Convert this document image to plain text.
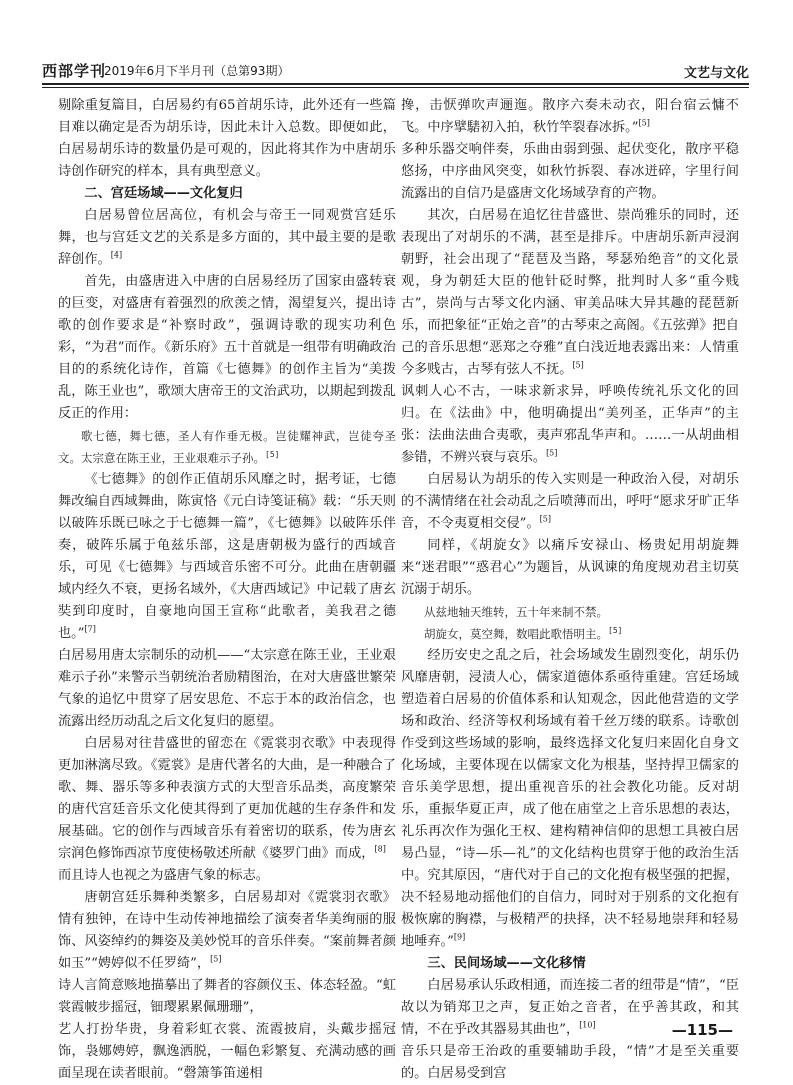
西部学刊
2019年6月下半月刊（总第93期）	文艺与文化
·

剔除重复篇目，白居易约有65首胡乐诗，此外还有一些篇目难以确定是否为胡乐诗，因此未计入总数。即便如此，白居易胡乐诗的数量仍是可观的，因此将其作为中唐胡乐诗创作研究的样本，具有典型意义。

二、宫廷场域——文化复归

白居易曾位居高位，有机会与帝王一同观赏宫廷乐舞，也与宫廷文艺的关系是多方面的，其中最主要的是歌辞创作。[4]

首先，由盛唐进入中唐的白居易经历了国家由盛转衰的巨变，对盛唐有着强烈的欣羡之情，渴望复兴，提出诗歌的创作要求是“补察时政”，强调诗歌的现实功利色彩，“为君”而作。《新乐府》五十首就是一组带有明确政治目的的系统化诗作，首篇《七德舞》的创作主旨为“美拨乱，陈王业也”，歌颂大唐帝王的文治武功，以期起到拨乱反正的作用：

歌七德，舞七德，圣人有作垂无极。岂徒耀神武，岂徒夸圣文。太宗意在陈王业，王业艰难示子孙。[5]

《七德舞》的创作正值胡乐风靡之时，据考证，七德舞改编自西域舞曲，陈寅恪《元白诗笺证稿》载：“乐天则以破阵乐既已咏之于七德舞一篇”，《七德舞》以破阵乐伴奏，破阵乐属于龟兹乐部，这是唐朝极为盛行的西域音乐，可见《七德舞》与西域音乐密不可分。此曲在唐朝疆域内经久不衰，更扬名域外，《大唐西域记》中记载了唐玄奘到印度时，自豪地向国王宣称“此歌者，美我君之德也。”[7]

白居易用唐太宗制乐的动机——“太宗意在陈王业，王业艰难示子孙”来警示当朝统治者励精图治，在对大唐盛世繁荣气象的追忆中贯穿了居安思危、不忘于本的政治信念，也流露出经历动乱之后文化复归的愿望。

白居易对往昔盛世的留恋在《霓裳羽衣歌》中表现得更加淋漓尽致。《霓裳》是唐代著名的大曲，是一种融合了歌、舞、器乐等多种表演方式的大型音乐品类，高度繁荣的唐代宫廷音乐文化使其得到了更加优越的生存条件和发展基础。它的创作与西域音乐有着密切的联系，传为唐玄宗润色修饰西凉节度使杨敬述所献《婆罗门曲》而成，[8]

而且诗人也视之为盛唐气象的标志。

唐朝宫廷乐舞种类繁多，白居易却对《霓裳羽衣歌》情有独钟，在诗中生动传神地描绘了演奏者华美绚丽的服饰、风姿绰约的舞姿及美妙悦耳的音乐伴奏。“案前舞者颜如玉”“娉婷似不任罗绮”，[5]

诗人言简意赅地描摹出了舞者的容颜仪玉、体态轻盈。“虹裳霞帔步摇冠，钿璎累累佩珊珊”，

艺人打扮华贵，身着彩虹衣裳、流霞披肩，头戴步摇冠饰，袅娜娉婷，飘逸洒脱，一幅色彩繁复、充满动感的画面呈现在读者眼前。“磬箫筝笛递相

搀，击恹弹吹声逦迤。散序六奏未动衣，阳台宿云慵不飞。中序擘騞初入拍，秋竹竿裂春冰拆。”[5]

多种乐器交响伴奏，乐曲由弱到强、起伏变化，散序平稳悠扬，中序曲风突变，如秋竹拆裂、春冰迸碎，字里行间流露出的自信乃是盛唐文化场域孕育的产物。

其次，白居易在追忆往昔盛世、崇尚雅乐的同时，还表现出了对胡乐的不满，甚至是排斥。中唐胡乐新声浸润朝野，社会出现了“琵琶及当路，琴瑟殆绝音”的文化景观，身为朝廷大臣的他针砭时弊，批判时人多“重今贱古”，崇尚与古琴文化内涵、审美品味大异其趣的琵琶新乐，而把象征“正始之音”的古琴束之高阁。《五弦弹》把自己的音乐思想“恶郑之夺雅”直白浅近地表露出来：人情重今多贱古，古琴有弦人不抚。[5]

讽刺人心不古，一味求新求异，呼唤传统礼乐文化的回归。在《法曲》中，他明确提出“美列圣，正华声”的主张：法曲法曲合夷歌，夷声邪乱华声和。……一从胡曲相参错，不辨兴衰与哀乐。[5]

白居易认为胡乐的传入实则是一种政治入侵，对胡乐的不满情绪在社会动乱之后喷薄而出，呼吁“愿求牙旷正华音，不令夷夏相交侵”。[5]

同样，《胡旋女》以痛斥安禄山、杨贵妃用胡旋舞来“迷君眼”“惑君心”为题旨，从讽谏的角度规劝君主切莫沉溺于胡乐。

从兹地轴天维转，五十年来制不禁。

胡旋女，莫空舞，数唱此歌悟明主。[5]

经历安史之乱之后，社会场域发生剧烈变化，胡乐仍风靡唐朝，浸渍人心，儒家道德体系亟待重建。宫廷场域塑造着白居易的价值体系和认知观念，因此他营造的文学场和政治、经济等权利场域有着千丝万缕的联系。诗歌创作受到这些场域的影响，最终选择文化复归来固化自身文化场域，主要体现在以儒家文化为根基，坚持捍卫儒家的音乐美学思想，提出重视音乐的社会教化功能。反对胡乐，重振华夏正声，成了他在庙堂之上音乐思想的表达，礼乐再次作为强化王权、建构精神信仰的思想工具被白居易凸显，“诗—乐—礼”的文化结构也贯穿于他的政治生活中。究其原因，“唐代对于自己的文化抱有极坚强的把握，决不轻易地动摇他们的自信力，同时对于别系的文化抱有极恢廓的胸襟，与极精严的抉择，决不轻易地崇拜和轻易地唾弃。”[9]

三、民间场域——文化移情

白居易承认乐政相通，而连接二者的纽带是“情”，“臣故以为销郑卫之声，复正始之音者，在乎善其政，和其情，不在乎改其器易其曲也”，[10]

音乐只是帝王治政的重要辅助手段，“情”才是至关重要的。白居易受到宫

—115—
